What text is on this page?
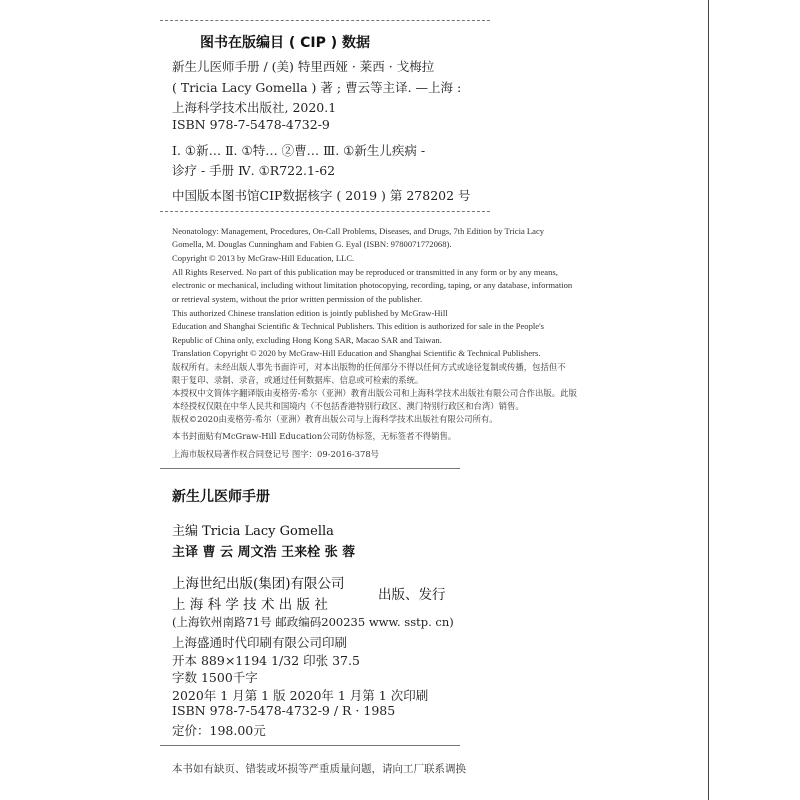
图书在版编目 ( CIP ) 数据
新生儿医师手册 / (美) 特里西娅 · 莱西 · 戈梅拉
( Tricia Lacy Gomella ) 著 ; 曹云等主译. —上海 :
上海科学技术出版社, 2020.1
ISBN 978-7-5478-4732-9
Ⅰ. ①新… Ⅱ. ①特… ②曹… Ⅲ. ①新生儿疾病 -
诊疗 - 手册 Ⅳ. ①R722.1-62
中国版本图书馆CIP数据核字 ( 2019 ) 第 278202 号
Neonatology: Management, Procedures, On-Call Problems, Diseases, and Drugs, 7th Edition by Tricia Lacy
Gomella, M. Douglas Cunningham and Fabien G. Eyal (ISBN: 9780071772068).
Copyright © 2013 by McGraw-Hill Education, LLC.
All Rights Reserved. No part of this publication may be reproduced or transmitted in any form or by any means,
electronic or mechanical, including without limitation photocopying, recording, taping, or any database, information
or retrieval system, without the prior written permission of the publisher.
This authorized Chinese translation edition is jointly published by McGraw-Hill
Education and Shanghai Scientific & Technical Publishers. This edition is authorized for sale in the People's
Republic of China only, excluding Hong Kong SAR, Macao SAR and Taiwan.
Translation Copyright © 2020 by McGraw-Hill Education and Shanghai Scientific & Technical Publishers.
版权所有。未经出版人事先书面许可，对本出版物的任何部分不得以任何方式或途径复制或传播，包括但不
限于复印、录制、录音，或通过任何数据库、信息或可检索的系统。
本授权中文简体字翻译版由麦格劳-希尔（亚洲）教育出版公司和上海科学技术出版社有限公司合作出版。此版
本经授权仅限在中华人民共和国境内（不包括香港特别行政区、澳门特别行政区和台湾）销售。
版权©2020由麦格劳-希尔（亚洲）教育出版公司与上海科学技术出版社有限公司所有。
本书封面贴有McGraw-Hill Education公司防伪标签，无标签者不得销售。
上海市版权局著作权合同登记号 图字：09-2016-378号
新生儿医师手册
主编 Tricia Lacy Gomella
主译 曹 云 周文浩 王来栓 张 蓉
上海世纪出版(集团)有限公司
上 海 科 学 技 术 出 版 社
出版、发行
(上海钦州南路71号 邮政编码200235 www. sstp. cn)
上海盛通时代印刷有限公司印刷
开本 889×1194 1/32 印张 37.5
字数 1500千字
2020年 1 月第 1 版 2020年 1 月第 1 次印刷
ISBN 978-7-5478-4732-9 / R · 1985
定价：198.00元
本书如有缺页、错装或坏损等严重质量问题，请向工厂联系调换
